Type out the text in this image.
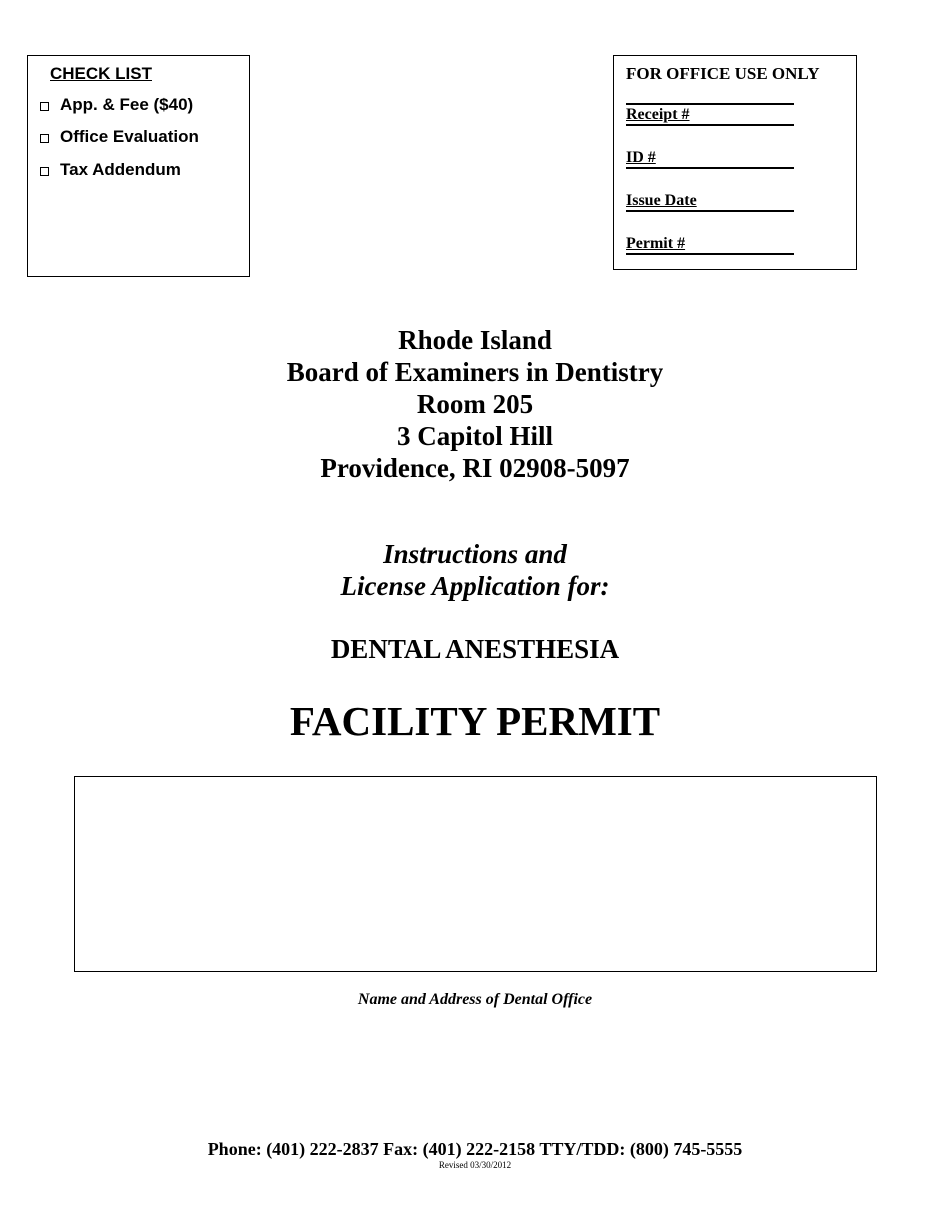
CHECK LIST
App. & Fee ($40)
Office Evaluation
Tax Addendum
FOR OFFICE USE ONLY
Receipt #
ID #
Issue Date
Permit #
Rhode Island
Board of Examiners in Dentistry
Room 205
3 Capitol Hill
Providence, RI 02908-5097
Instructions and
License Application for:
DENTAL ANESTHESIA
FACILITY PERMIT
Name and Address of Dental Office
Phone: (401) 222-2837 Fax: (401) 222-2158 TTY/TDD: (800) 745-5555
Revised 03/30/2012
